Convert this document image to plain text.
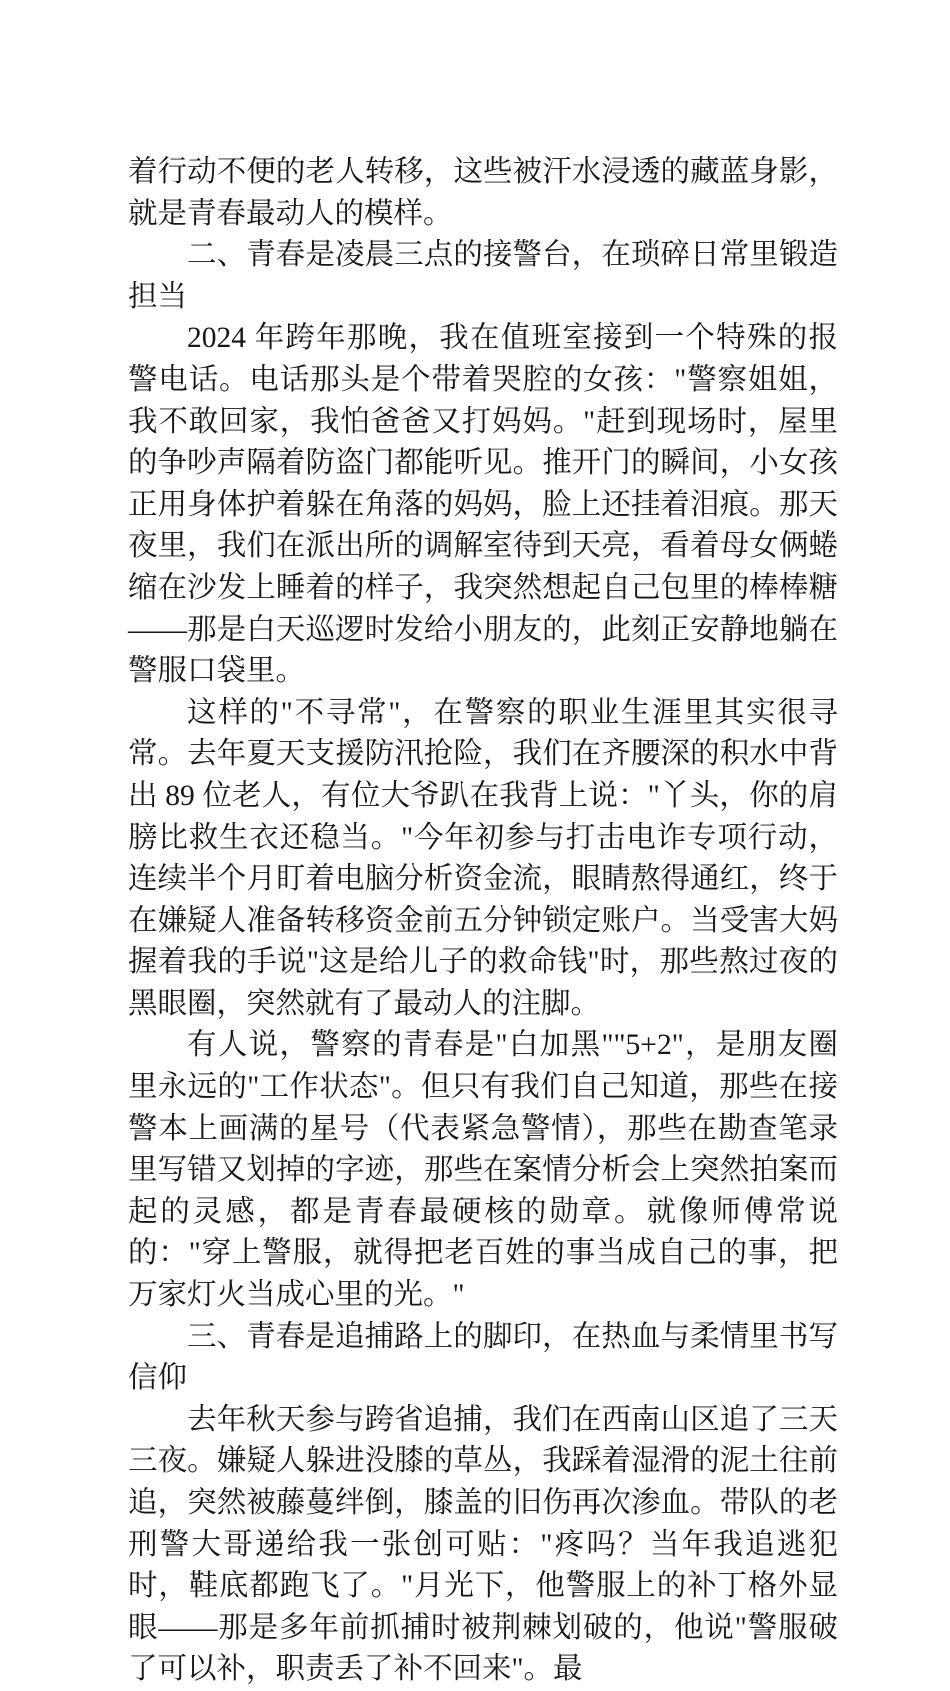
着行动不便的老人转移，这些被汗水浸透的藏蓝身影，就是青春最动人的模样。

二、青春是凌晨三点的接警台，在琐碎日常里锻造担当

2024 年跨年那晚，我在值班室接到一个特殊的报警电话。电话那头是个带着哭腔的女孩："警察姐姐，我不敢回家，我怕爸爸又打妈妈。"赶到现场时，屋里的争吵声隔着防盗门都能听见。推开门的瞬间，小女孩正用身体护着躲在角落的妈妈，脸上还挂着泪痕。那天夜里，我们在派出所的调解室待到天亮，看着母女俩蜷缩在沙发上睡着的样子，我突然想起自己包里的棒棒糖——那是白天巡逻时发给小朋友的，此刻正安静地躺在警服口袋里。

这样的"不寻常"，在警察的职业生涯里其实很寻常。去年夏天支援防汛抢险，我们在齐腰深的积水中背出 89 位老人，有位大爷趴在我背上说："丫头，你的肩膀比救生衣还稳当。"今年初参与打击电诈专项行动，连续半个月盯着电脑分析资金流，眼睛熬得通红，终于在嫌疑人准备转移资金前五分钟锁定账户。当受害大妈握着我的手说"这是给儿子的救命钱"时，那些熬过夜的黑眼圈，突然就有了最动人的注脚。

有人说，警察的青春是"白加黑""5+2"，是朋友圈里永远的"工作状态"。但只有我们自己知道，那些在接警本上画满的星号（代表紧急警情），那些在勘查笔录里写错又划掉的字迹，那些在案情分析会上突然拍案而起的灵感，都是青春最硬核的勋章。就像师傅常说的："穿上警服，就得把老百姓的事当成自己的事，把万家灯火当成心里的光。"

三、青春是追捕路上的脚印，在热血与柔情里书写信仰

去年秋天参与跨省追捕，我们在西南山区追了三天三夜。嫌疑人躲进没膝的草丛，我踩着湿滑的泥土往前追，突然被藤蔓绊倒，膝盖的旧伤再次渗血。带队的老刑警大哥递给我一张创可贴："疼吗？当年我追逃犯时，鞋底都跑飞了。"月光下，他警服上的补丁格外显眼——那是多年前抓捕时被荆棘划破的，他说"警服破了可以补，职责丢了补不回来"。最
